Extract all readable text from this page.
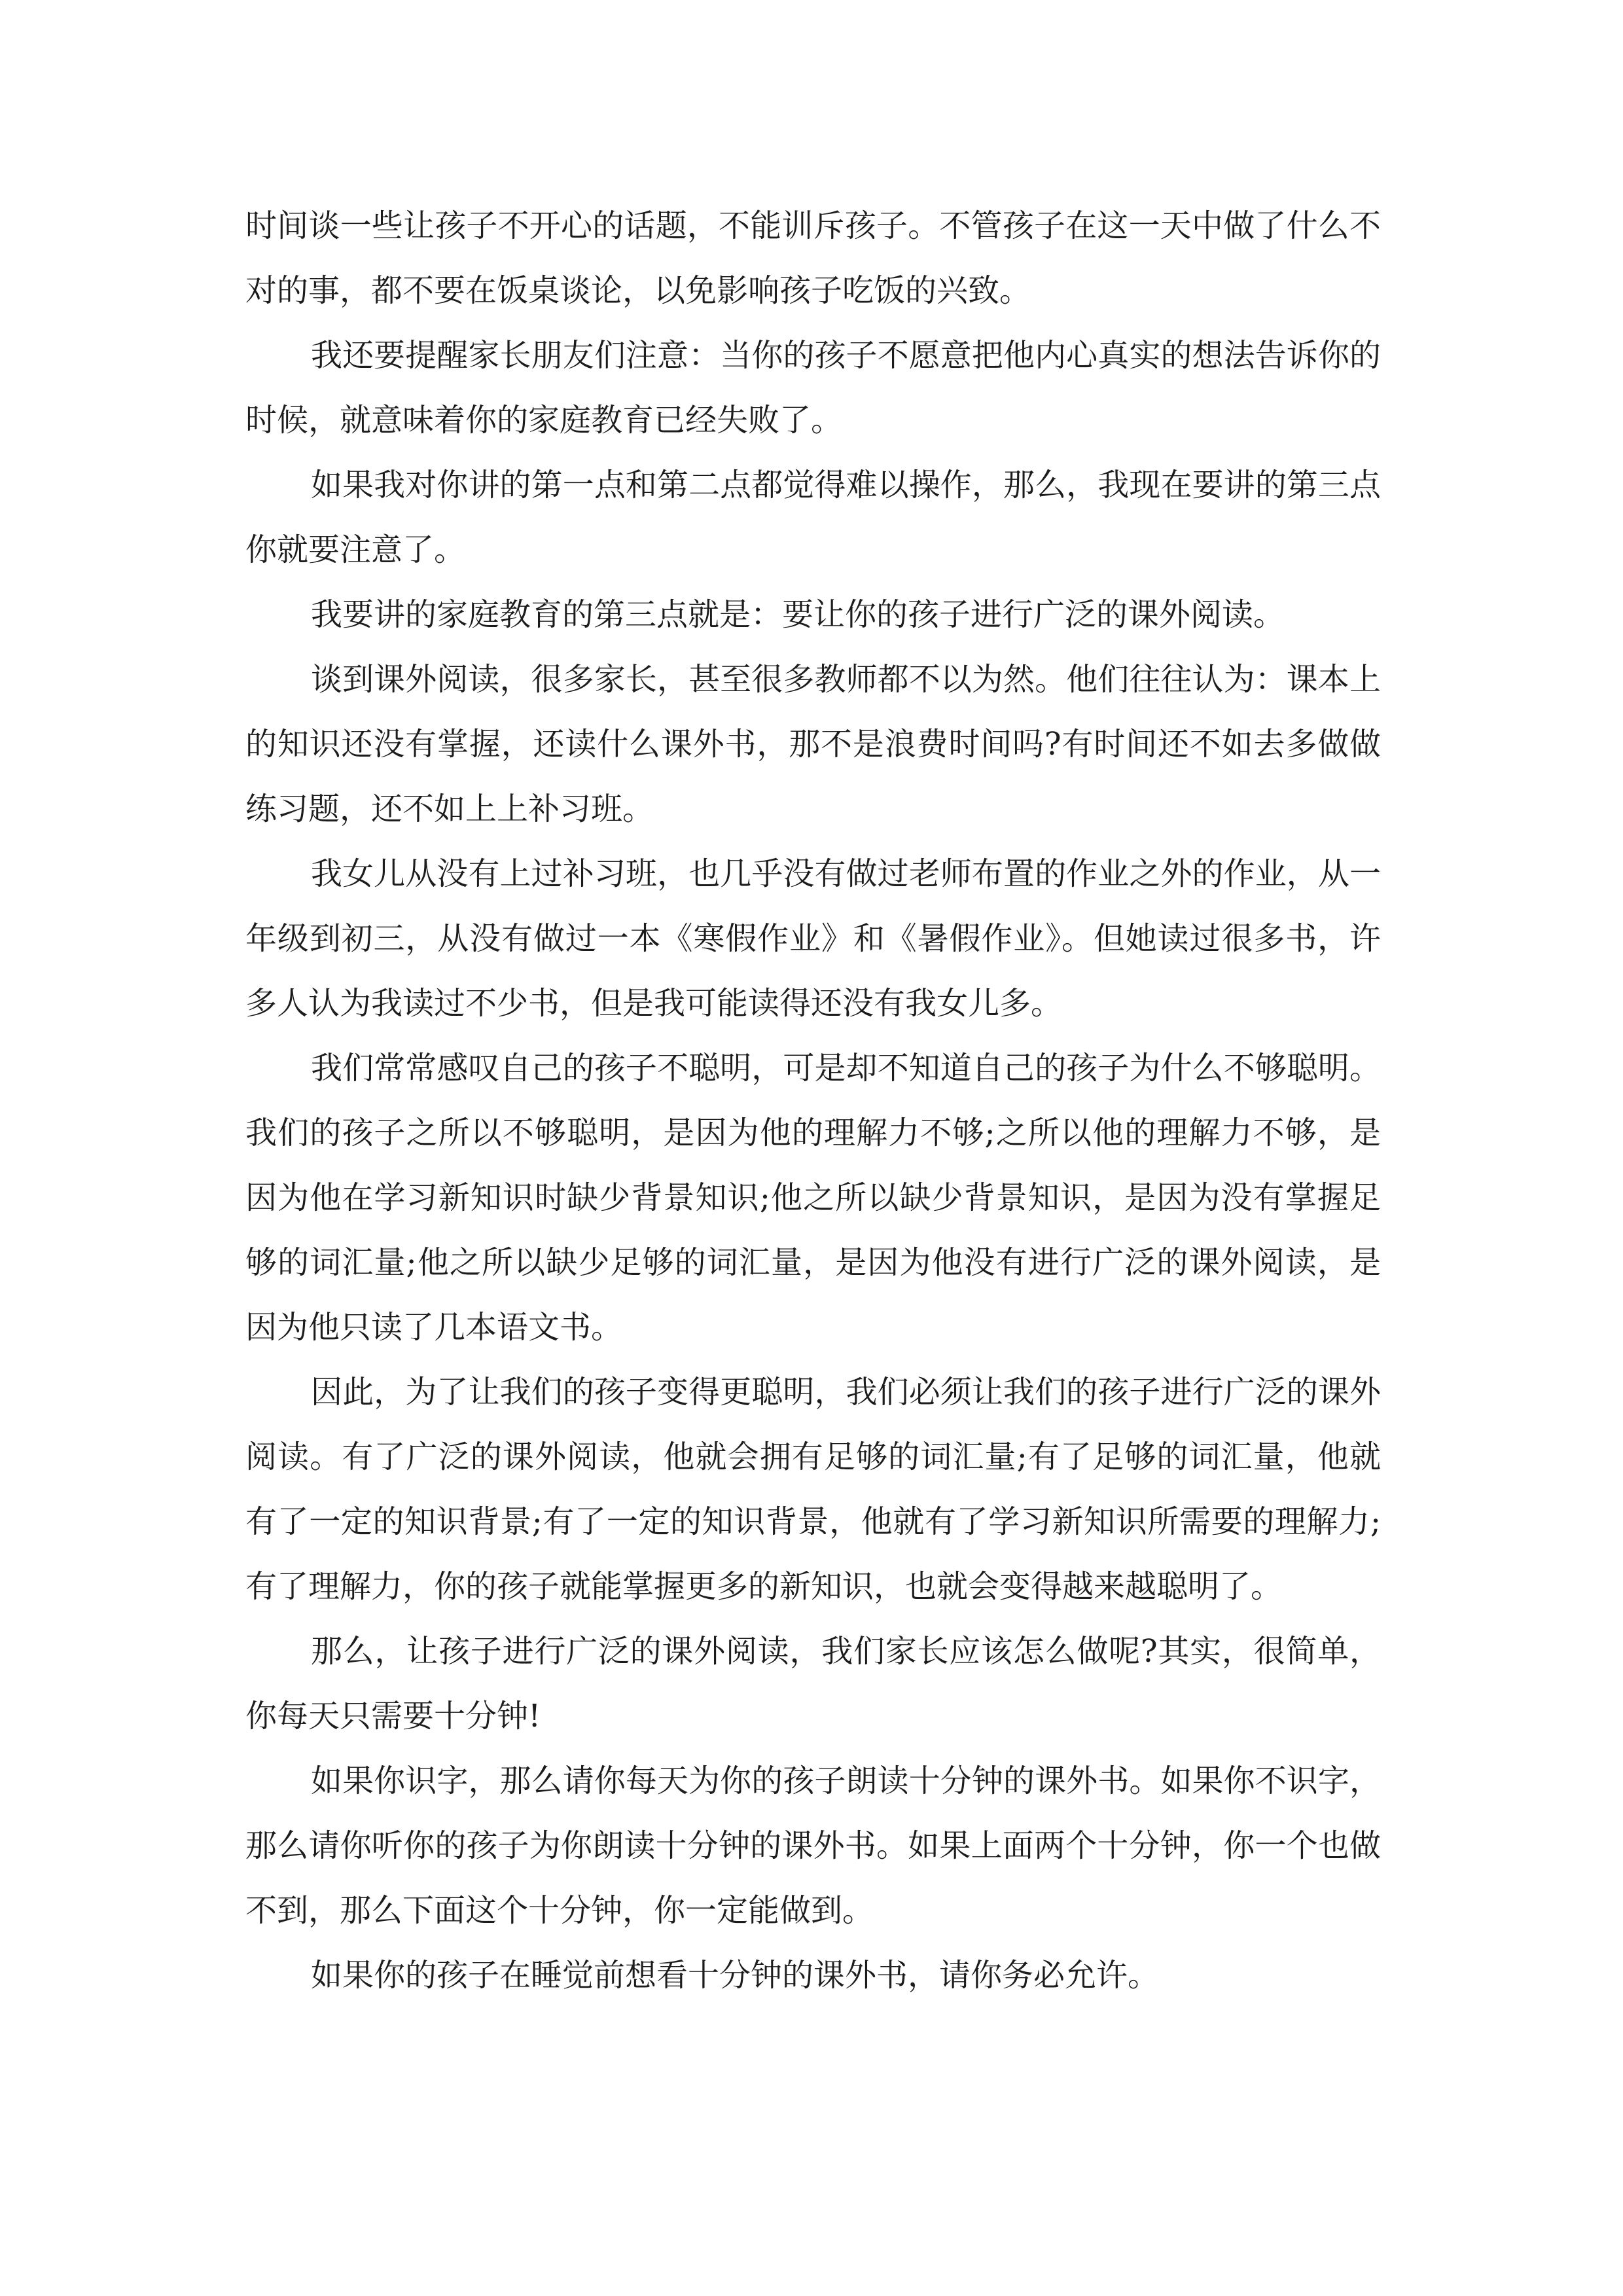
时间谈一些让孩子不开心的话题，不能训斥孩子。不管孩子在这一天中做了什么不对的事，都不要在饭桌谈论，以免影响孩子吃饭的兴致。

我还要提醒家长朋友们注意：当你的孩子不愿意把他内心真实的想法告诉你的时候，就意味着你的家庭教育已经失败了。

如果我对你讲的第一点和第二点都觉得难以操作，那么，我现在要讲的第三点你就要注意了。

我要讲的家庭教育的第三点就是：要让你的孩子进行广泛的课外阅读。

谈到课外阅读，很多家长，甚至很多教师都不以为然。他们往往认为：课本上的知识还没有掌握，还读什么课外书，那不是浪费时间吗?有时间还不如去多做做练习题，还不如上上补习班。

我女儿从没有上过补习班，也几乎没有做过老师布置的作业之外的作业，从一年级到初三，从没有做过一本《寒假作业》和《暑假作业》。但她读过很多书，许多人认为我读过不少书，但是我可能读得还没有我女儿多。

我们常常感叹自己的孩子不聪明，可是却不知道自己的孩子为什么不够聪明。我们的孩子之所以不够聪明，是因为他的理解力不够;之所以他的理解力不够，是因为他在学习新知识时缺少背景知识;他之所以缺少背景知识，是因为没有掌握足够的词汇量;他之所以缺少足够的词汇量，是因为他没有进行广泛的课外阅读，是因为他只读了几本语文书。

因此，为了让我们的孩子变得更聪明，我们必须让我们的孩子进行广泛的课外阅读。有了广泛的课外阅读，他就会拥有足够的词汇量;有了足够的词汇量，他就有了一定的知识背景;有了一定的知识背景，他就有了学习新知识所需要的理解力;有了理解力，你的孩子就能掌握更多的新知识，也就会变得越来越聪明了。

那么，让孩子进行广泛的课外阅读，我们家长应该怎么做呢?其实，很简单，你每天只需要十分钟!

如果你识字，那么请你每天为你的孩子朗读十分钟的课外书。如果你不识字，那么请你听你的孩子为你朗读十分钟的课外书。如果上面两个十分钟，你一个也做不到，那么下面这个十分钟，你一定能做到。

如果你的孩子在睡觉前想看十分钟的课外书，请你务必允许。
